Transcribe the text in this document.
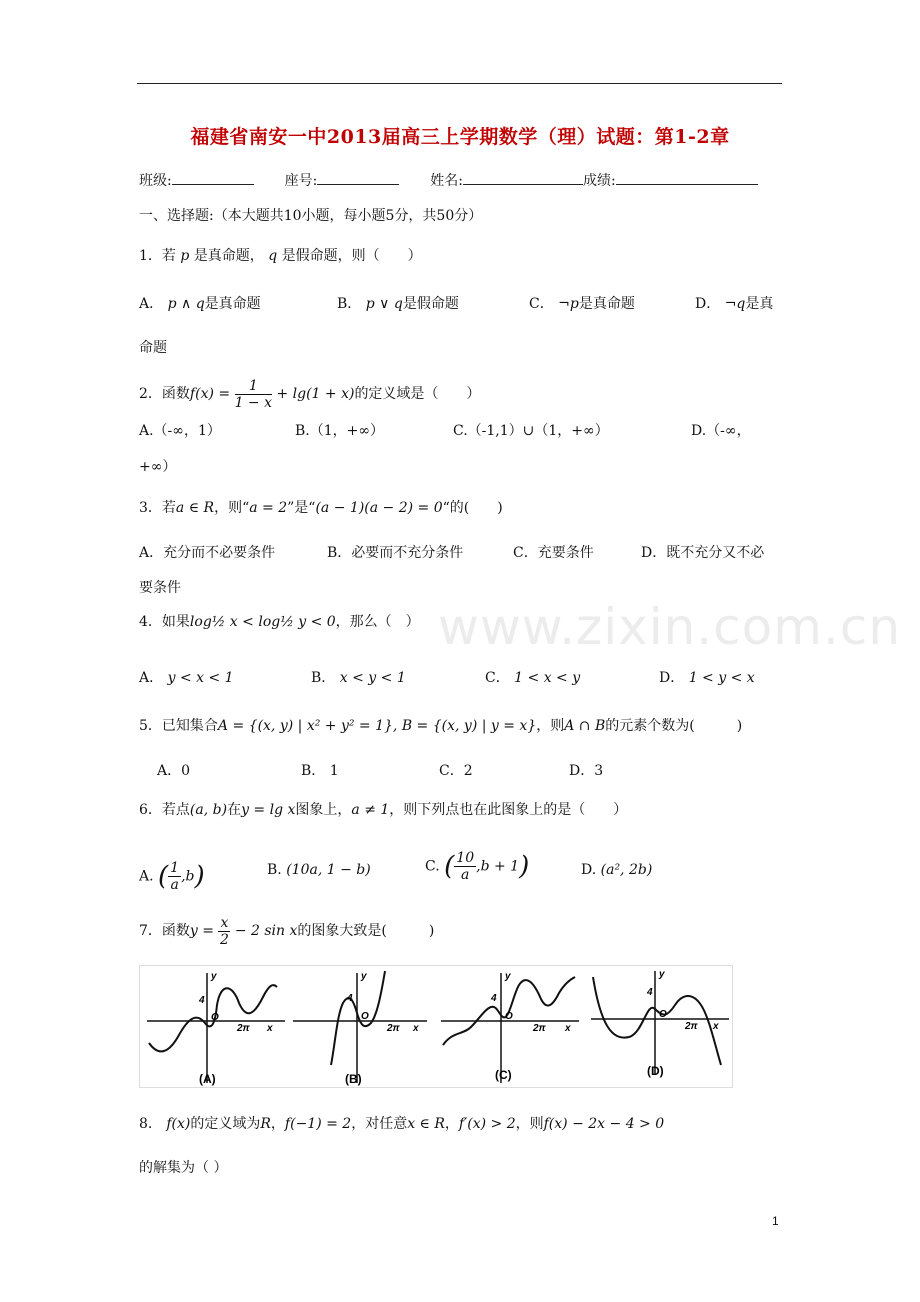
www.zixin.com.cn
福建省南安一中2013届高三上学期数学（理）试题：第1-2章
班级:	座号:	姓名:	成绩:
一、选择题:（本大题共10小题，每小题5分，共50分）
1．若 p 是真命题， q 是假命题，则（　　）
A． p ∧ q是真命题	B． p ∨ q是假命题	C． ¬p是真命题	D． ¬q是真
命题
2．函数$f(x) = \frac{1}{1 - x} + \lg(1 + x)$的定义域是（　　）
A.（-∞，1）	B.（1，+∞）	C.（-1,1）∪（1，+∞）	D.（-∞，
+∞）
3．若a ∈ R，则“a = 2”是“(a − 1)(a − 2) = 0“的(　　)
A．充分而不必要条件	B．必要而不充分条件	C．充要条件	D．既不充分又不必
要条件
4．如果log½ x < log½ y < 0，那么（　）
A． y < x < 1	B． x < y < 1	C． 1 < x < y	D． 1 < y < x
5．已知集合A = {(x, y) | x² + y² = 1}, B = {(x, y) | y = x}，则A ∩ B的元素个数为(　　　)
A．0	B． 1	C．2	D．3
6．若点(a, b)在y = lg x图象上，a ≠ 1，则下列点也在此图象上的是（　　）
A. ( $\frac{1}{a} ,b$)	B. (10a, 1 − b)	C. ( $\frac{10}{a} ,b + 1$)	D. (a², 2b)
7．函数$y = \frac{x}{2} - 2$ sin x的图象大致是(　　　)
4
O
2π x
y
(A)
4
O
y
2π x
(B)
4
O
y
2π x
(C)
4
O
y
2π x
(D)
8.　 f(x)的定义域为R，f(−1) = 2，对任意x ∈ R，f′(x) > 2，则f(x) − 2x − 4 > 0
的解集为（ ）
1
